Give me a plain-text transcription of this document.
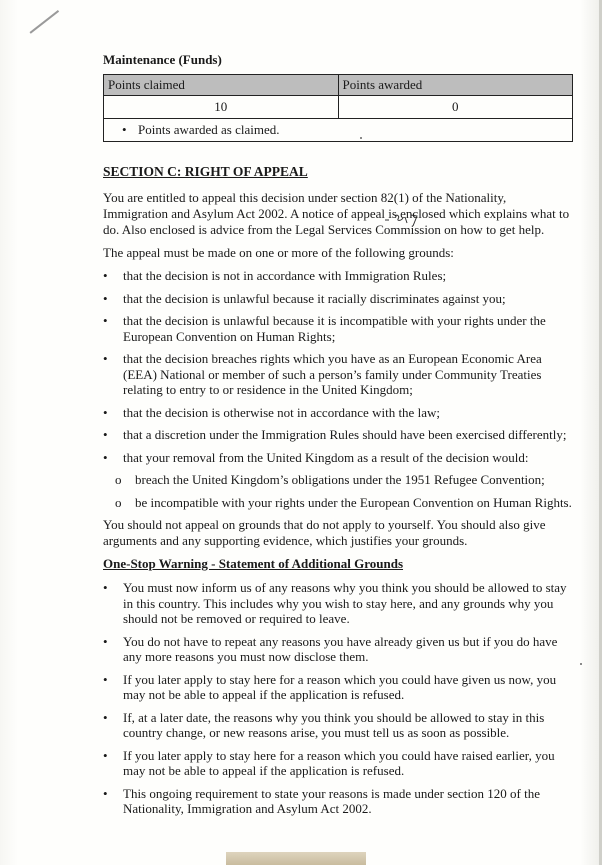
Maintenance (Funds)
Points claimed	Points awarded
10	0
• Points awarded as claimed.	
SECTION C: RIGHT OF APPEAL

You are entitled to appeal this decision under section 82(1) of the Nationality, Immigration and Asylum Act 2002. A notice of appeal is enclosed which explains what to do. Also enclosed is advice from the Legal Services Commission on how to get help.

The appeal must be made on one or more of the following grounds:

• that the decision is not in accordance with Immigration Rules;
• that the decision is unlawful because it racially discriminates against you;
• that the decision is unlawful because it is incompatible with your rights under the European Convention on Human Rights;
• that the decision breaches rights which you have as an European Economic Area (EEA) National or member of such a person’s family under Community Treaties relating to entry to or residence in the United Kingdom;
• that the decision is otherwise not in accordance with the law;
• that a discretion under the Immigration Rules should have been exercised differently;
• that your removal from the United Kingdom as a result of the decision would:
o breach the United Kingdom’s obligations under the 1951 Refugee Convention;
o be incompatible with your rights under the European Convention on Human Rights.

You should not appeal on grounds that do not apply to yourself. You should also give arguments and any supporting evidence, which justifies your grounds.

One-Stop Warning - Statement of Additional Grounds
• You must now inform us of any reasons why you think you should be allowed to stay in this country. This includes why you wish to stay here, and any grounds why you should not be removed or required to leave.
• You do not have to repeat any reasons you have already given us but if you do have any more reasons you must now disclose them.
• If you later apply to stay here for a reason which you could have given us now, you may not be able to appeal if the application is refused.
• If, at a later date, the reasons why you think you should be allowed to stay in this country change, or new reasons arise, you must tell us as soon as possible.
• If you later apply to stay here for a reason which you could have raised earlier, you may not be able to appeal if the application is refused.
• This ongoing requirement to state your reasons is made under section 120 of the Nationality, Immigration and Asylum Act 2002.
